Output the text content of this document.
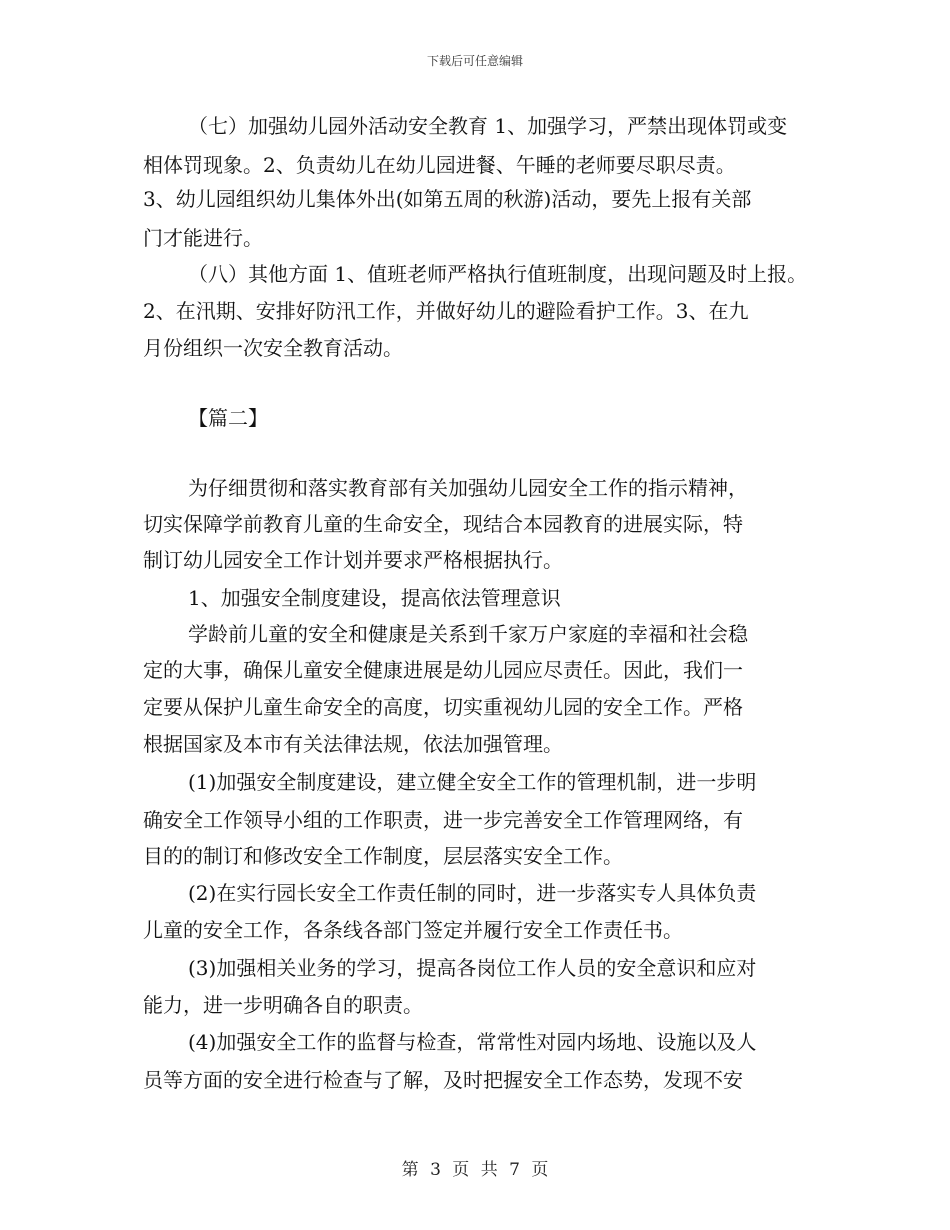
下载后可任意编辑
（七）加强幼儿园外活动安全教育 1、加强学习，严禁出现体罚或变
相体罚现象。2、负责幼儿在幼儿园进餐、午睡的老师要尽职尽责。
3、幼儿园组织幼儿集体外出(如第五周的秋游)活动，要先上报有关部
门才能进行。
（八）其他方面 1、值班老师严格执行值班制度，出现问题及时上报。
2、在汛期、安排好防汛工作，并做好幼儿的避险看护工作。3、在九
月份组织一次安全教育活动。
【篇二】
为仔细贯彻和落实教育部有关加强幼儿园安全工作的指示精神，
切实保障学前教育儿童的生命安全，现结合本园教育的进展实际，特
制订幼儿园安全工作计划并要求严格根据执行。
1、加强安全制度建设，提高依法管理意识
学龄前儿童的安全和健康是关系到千家万户家庭的幸福和社会稳
定的大事，确保儿童安全健康进展是幼儿园应尽责任。因此，我们一
定要从保护儿童生命安全的高度，切实重视幼儿园的安全工作。严格
根据国家及本市有关法律法规，依法加强管理。
(1)加强安全制度建设，建立健全安全工作的管理机制，进一步明
确安全工作领导小组的工作职责，进一步完善安全工作管理网络，有
目的的制订和修改安全工作制度，层层落实安全工作。
(2)在实行园长安全工作责任制的同时，进一步落实专人具体负责
儿童的安全工作，各条线各部门签定并履行安全工作责任书。
(3)加强相关业务的学习，提高各岗位工作人员的安全意识和应对
能力，进一步明确各自的职责。
(4)加强安全工作的监督与检查，常常性对园内场地、设施以及人
员等方面的安全进行检查与了解，及时把握安全工作态势，发现不安
第 3 页 共 7 页
